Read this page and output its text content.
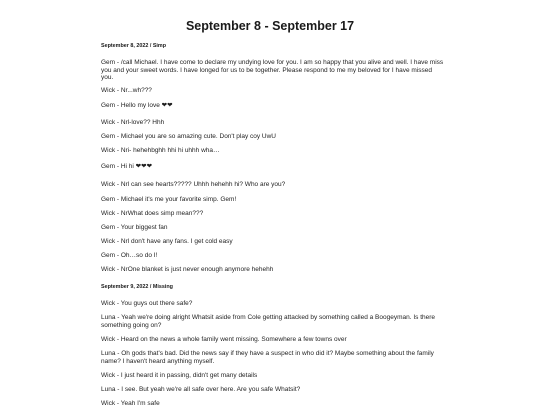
September 8 - September 17
September 8, 2022 / Simp
Gem - /call Michael. I have come to declare my undying love for you. I am so happy that you alive and well. I have miss you and your sweet words. I have longed for us to be together. Please respond to me my beloved for I have missed you.
Wick - Nr...wh???
Gem - Hello my love ❤❤
Wick - Nrl-love?? Hhh
Gem - Michael you are so amazing cute. Don't play coy UwU
Wick - Nri- hehehbghh hhi hi uhhh wha…
Gem - Hi hi ❤❤❤
Wick - Nrl can see hearts????? Uhhh hehehh hi? Who are you?
Gem - Michael it's me your favorite simp. Gem!
Wick - NrWhat does simp mean???
Gem - Your biggest fan
Wick - Nrl don't have any fans. I get cold easy
Gem - Oh…so do I!
Wick - NrOne blanket is just never enough anymore hehehh
September 9, 2022 / Missing
Wick - You guys out there safe?
Luna - Yeah we're doing alright Whatsit aside from Cole getting attacked by something called a Boogeyman. Is there something going on?
Wick - Heard on the news a whole family went missing. Somewhere a few towns over
Luna - Oh gods that's bad. Did the news say if they have a suspect in who did it? Maybe something about the family name? I haven't heard anything myself.
Wick - I just heard it in passing, didn't get many details
Luna - I see. But yeah we're all safe over here. Are you safe Whatsit?
Wick - Yeah I'm safe
